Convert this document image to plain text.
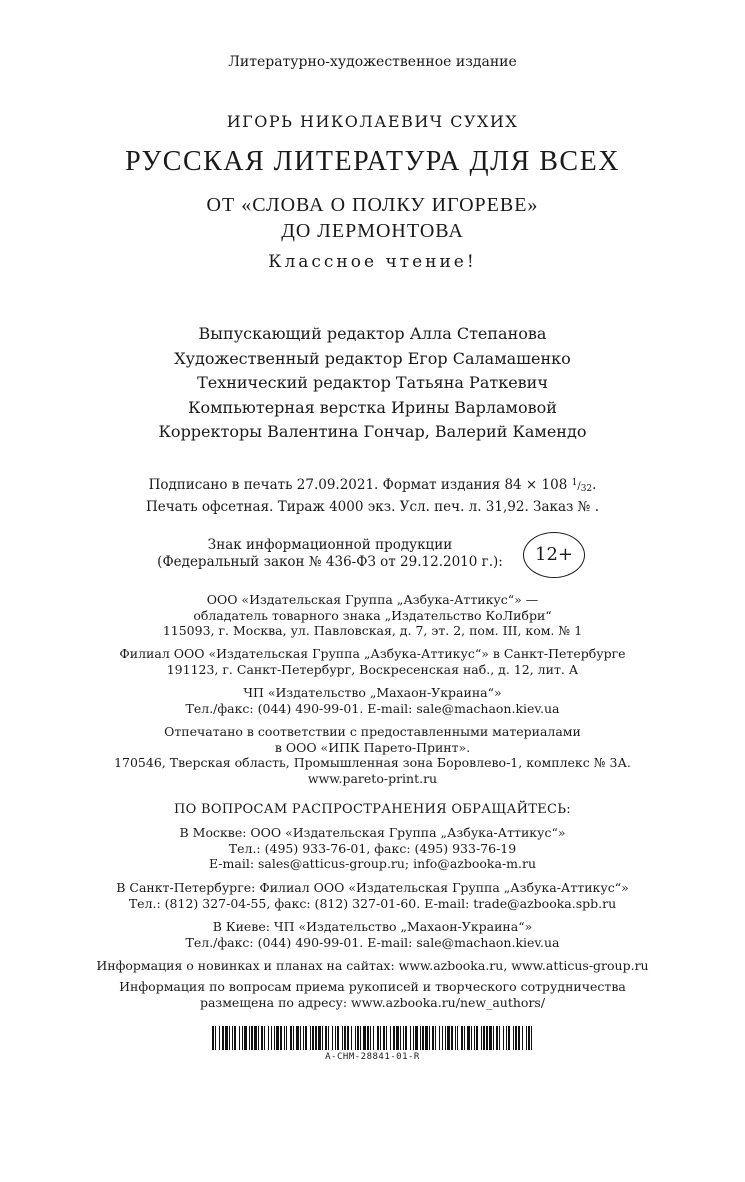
Литературно-художественное издание
ИГОРЬ НИКОЛАЕВИЧ СУХИХ
РУССКАЯ ЛИТЕРАТУРА ДЛЯ ВСЕХ
ОТ «СЛОВА О ПОЛКУ ИГОРЕВЕ»
ДО ЛЕРМОНТОВА
Классное чтение!
Выпускающий редактор Алла Степанова
Художественный редактор Егор Саламашенко
Технический редактор Татьяна Раткевич
Компьютерная верстка Ирины Варламовой
Корректоры Валентина Гончар, Валерий Камендо
Подписано в печать 27.09.2021. Формат издания 84 × 108 $^1/_{32}$.
Печать офсетная. Тираж 4000 экз. Усл. печ. л. 31,92. Заказ № .
Знак информационной продукции
(Федеральный закон № 436-ФЗ от 29.12.2010 г.):	12+
ООО «Издательская Группа „Азбука-Аттикус“» —
обладатель товарного знака „Издательство КоЛибри“
115093, г. Москва, ул. Павловская, д. 7, эт. 2, пом. III, ком. № 1
Филиал ООО «Издательская Группа „Азбука-Аттикус“» в Санкт-Петербурге
191123, г. Санкт-Петербург, Воскресенская наб., д. 12, лит. А
ЧП «Издательство „Махаон-Украина“»
Тел./факс: (044) 490-99-01. E-mail: sale@machaon.kiev.ua
Отпечатано в соответствии с предоставленными материалами
в ООО «ИПК Парето-Принт».
170546, Тверская область, Промышленная зона Боровлево-1, комплекс № 3А.
www.pareto-print.ru
ПО ВОПРОСАМ РАСПРОСТРАНЕНИЯ ОБРАЩАЙТЕСЬ:
В Москве: ООО «Издательская Группа „Азбука-Аттикус“»
Тел.: (495) 933-76-01, факс: (495) 933-76-19
E-mail: sales@atticus-group.ru; info@azbooka-m.ru
В Санкт-Петербурге: Филиал ООО «Издательская Группа „Азбука-Аттикус“»
Тел.: (812) 327-04-55, факс: (812) 327-01-60. E-mail: trade@azbooka.spb.ru
В Киеве: ЧП «Издательство „Махаон-Украина“»
Тел./факс: (044) 490-99-01. E-mail: sale@machaon.kiev.ua
Информация о новинках и планах на сайтах: www.azbooka.ru, www.atticus-group.ru
Информация по вопросам приема рукописей и творческого сотрудничества
размещена по адресу: www.azbooka.ru/new_authors/
A-CHM-28841-01-R
